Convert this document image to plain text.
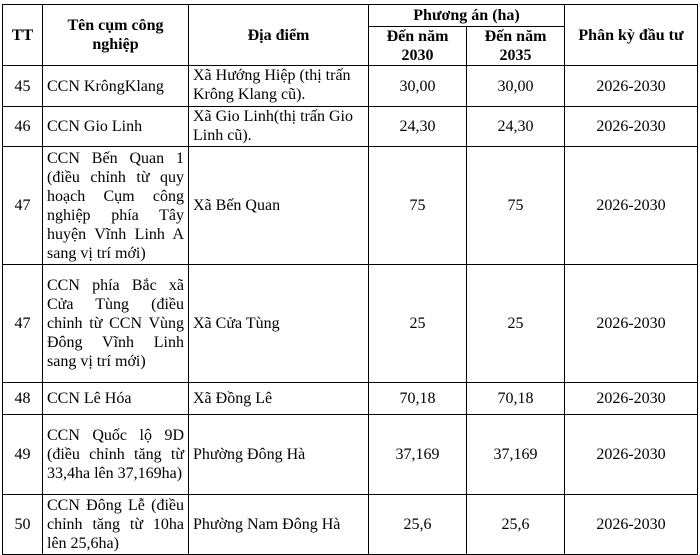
TT	Tên cụm công nghiệp	Địa điểm	Phương án (ha)		Phân kỳ đầu tư
			Đến năm 2030	Đến năm 2035	
45	CCN KrôngKlang	Xã Hướng Hiệp (thị trấn Krông Klang cũ).	30,00	30,00	2026-2030
46	CCN Gio Linh	Xã Gio Linh(thị trấn Gio Linh cũ).	24,30	24,30	2026-2030
47	CCN Bến Quan 1 (điều chỉnh từ quy hoạch Cụm công nghiệp phía Tây huyện Vĩnh Linh A sang vị trí mới)	Xã Bến Quan	75	75	2026-2030
47	CCN phía Bắc xã Cửa Tùng (điều chỉnh từ CCN Vùng Đông Vĩnh Linh sang vị trí mới)	Xã Cửa Tùng	25	25	2026-2030
48	CCN Lê Hóa	Xã Đồng Lê	70,18	70,18	2026-2030
49	CCN Quốc lộ 9D (điều chỉnh tăng từ 33,4ha lên 37,169ha)	Phường Đông Hà	37,169	37,169	2026-2030
50	CCN Đông Lễ (điều chỉnh tăng từ 10ha lên 25,6ha)	Phường Nam Đông Hà	25,6	25,6	2026-2030
